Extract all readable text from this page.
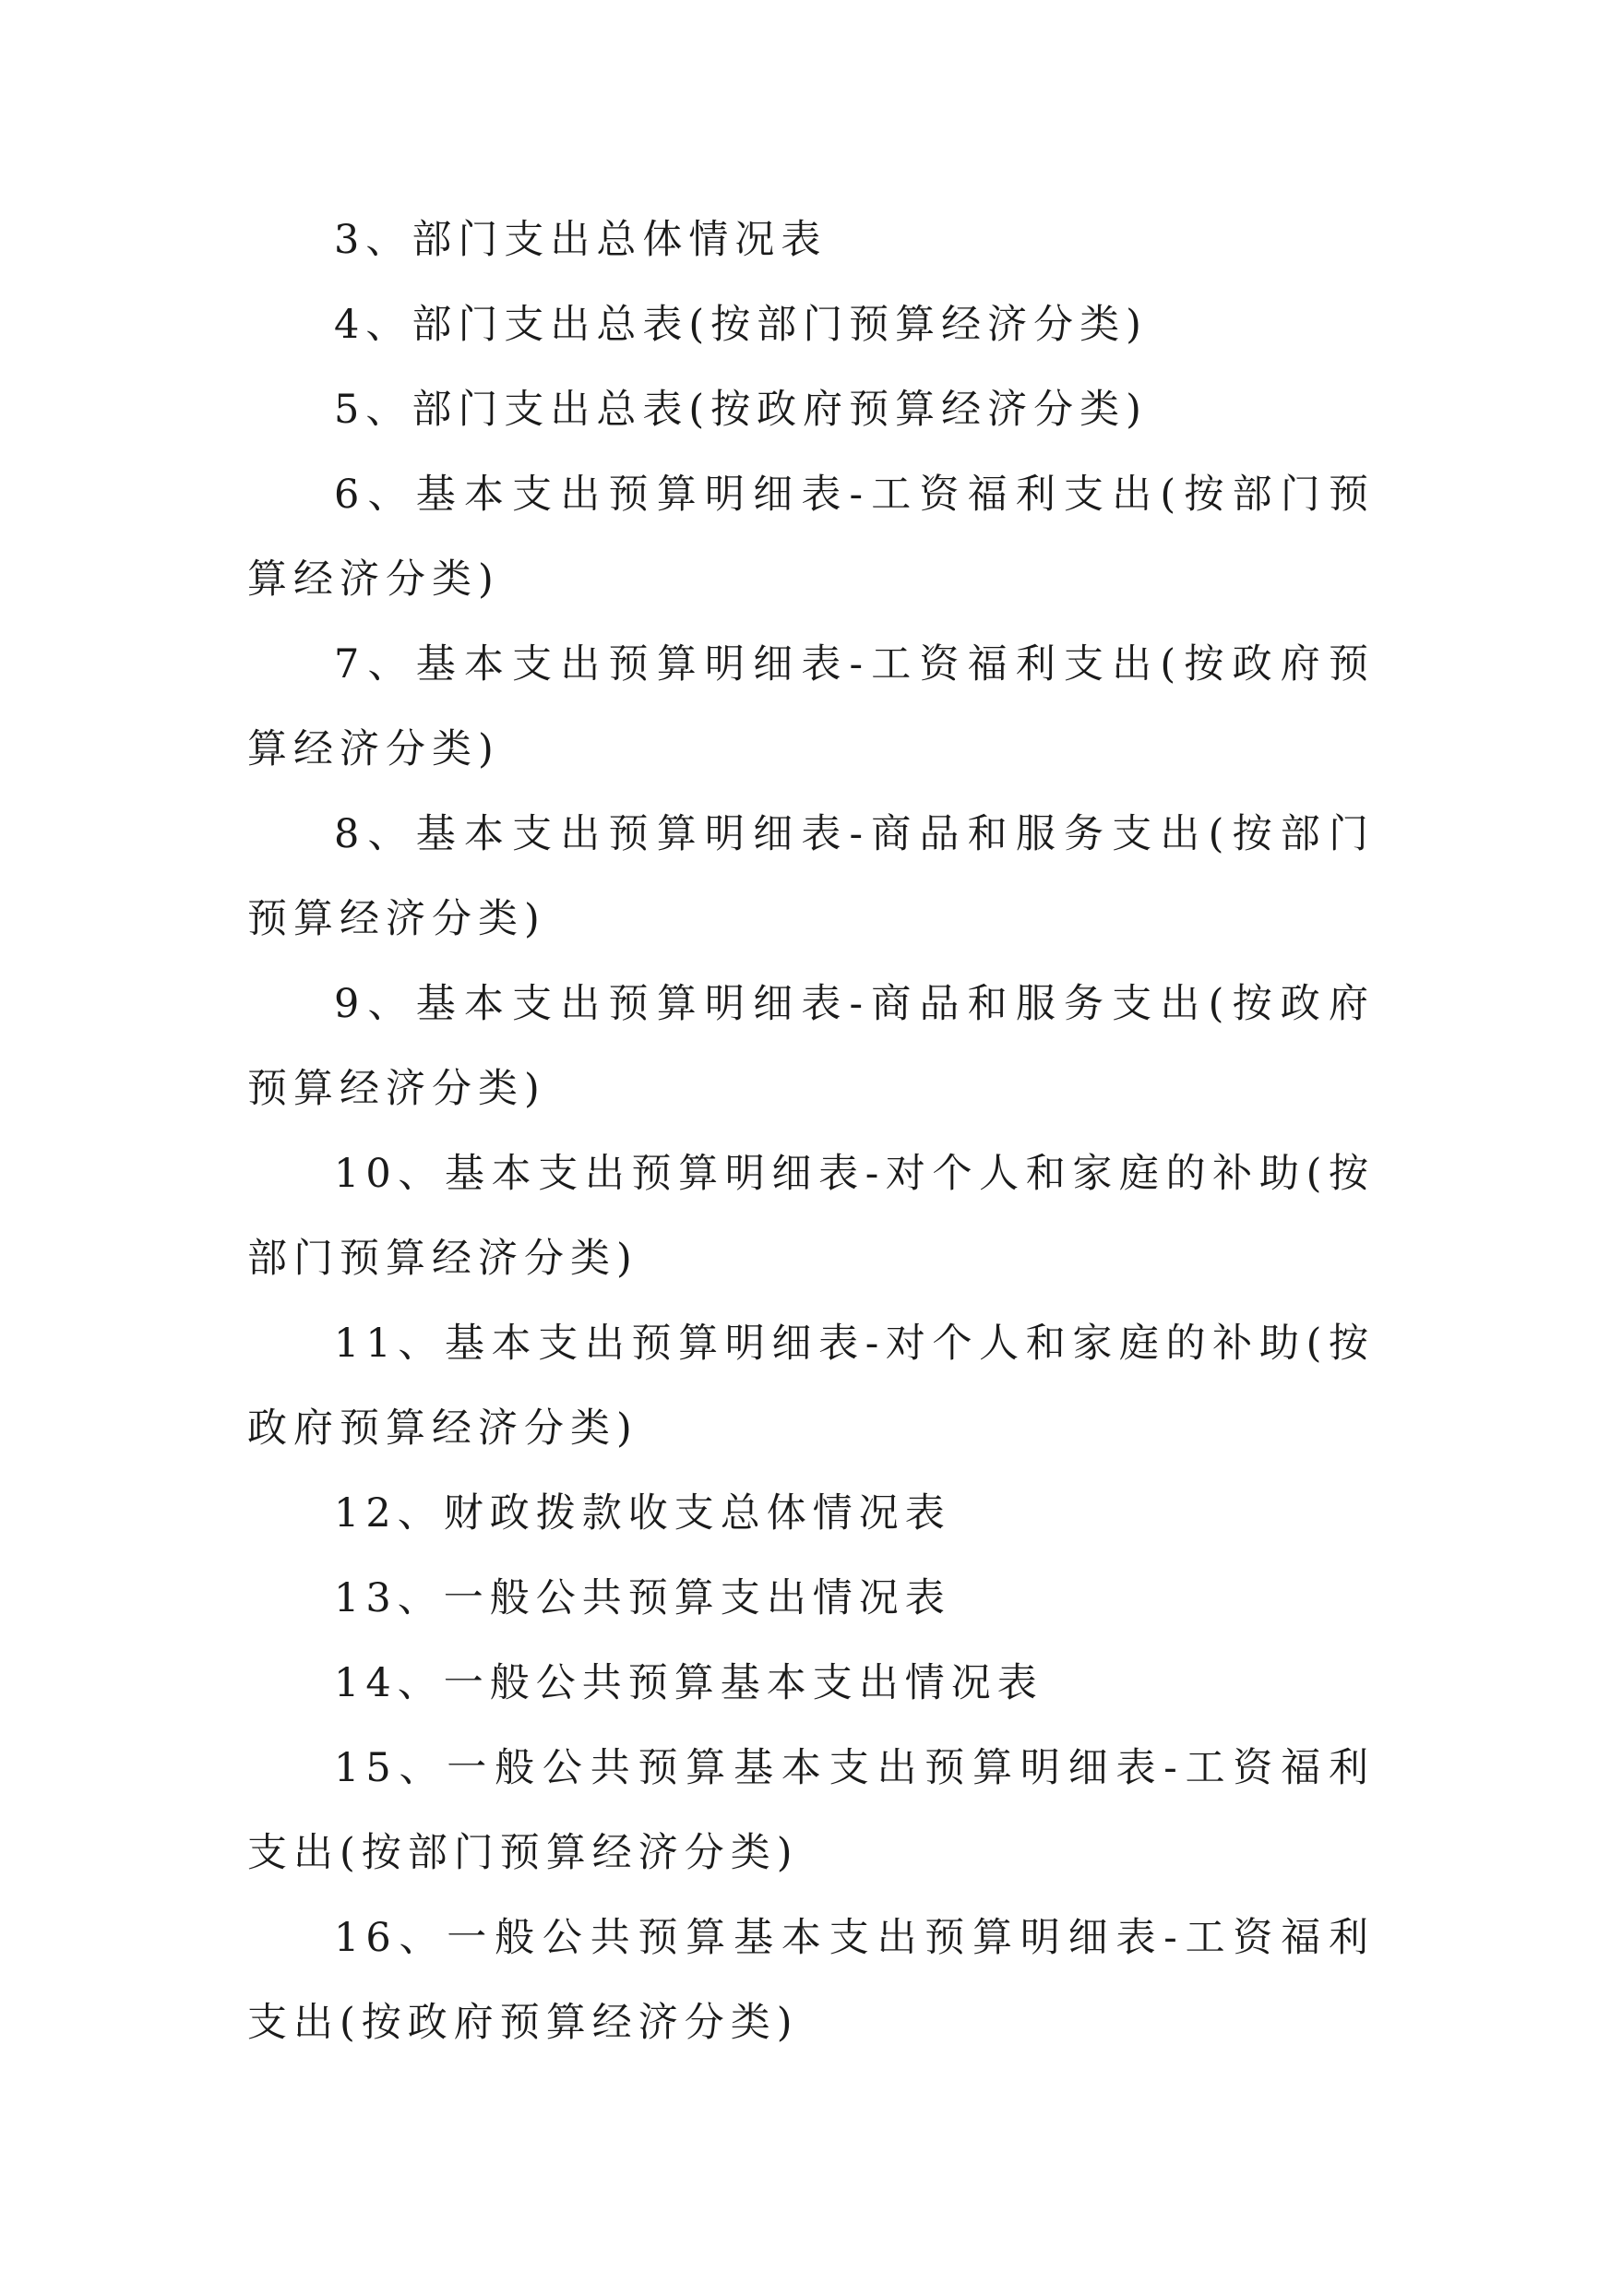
3、部门支出总体情况表

4、部门支出总表(按部门预算经济分类)

5、部门支出总表(按政府预算经济分类)

6、基本支出预算明细表-工资福利支出(按部门预算经济分类)

7、基本支出预算明细表-工资福利支出(按政府预算经济分类)

8、基本支出预算明细表-商品和服务支出(按部门预算经济分类)

9、基本支出预算明细表-商品和服务支出(按政府预算经济分类)

10、基本支出预算明细表-对个人和家庭的补助(按部门预算经济分类)

11、基本支出预算明细表-对个人和家庭的补助(按政府预算经济分类)

12、财政拨款收支总体情况表

13、一般公共预算支出情况表

14、一般公共预算基本支出情况表

15、一般公共预算基本支出预算明细表-工资福利支出(按部门预算经济分类)

16、一般公共预算基本支出预算明细表-工资福利支出(按政府预算经济分类)
